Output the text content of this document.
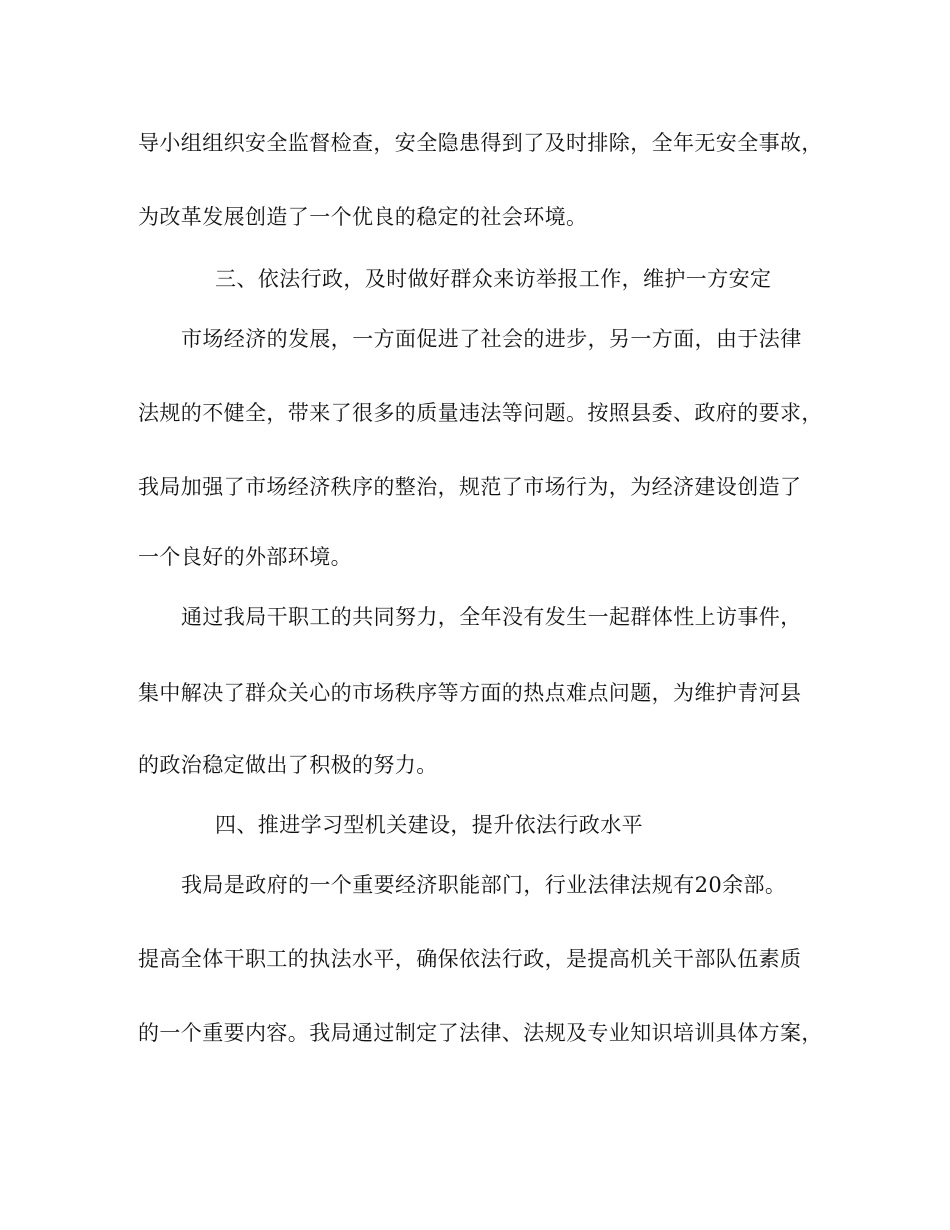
导小组组织安全监督检查，安全隐患得到了及时排除，全年无安全事故，
为改革发展创造了一个优良的稳定的社会环境。
三、依法行政，及时做好群众来访举报工作，维护一方安定
市场经济的发展，一方面促进了社会的进步，另一方面，由于法律
法规的不健全，带来了很多的质量违法等问题。按照县委、政府的要求，
我局加强了市场经济秩序的整治，规范了市场行为，为经济建设创造了
一个良好的外部环境。
通过我局干职工的共同努力，全年没有发生一起群体性上访事件，
集中解决了群众关心的市场秩序等方面的热点难点问题，为维护青河县
的政治稳定做出了积极的努力。
四、推进学习型机关建设，提升依法行政水平
我局是政府的一个重要经济职能部门，行业法律法规有20余部。
提高全体干职工的执法水平，确保依法行政，是提高机关干部队伍素质
的一个重要内容。我局通过制定了法律、法规及专业知识培训具体方案，
